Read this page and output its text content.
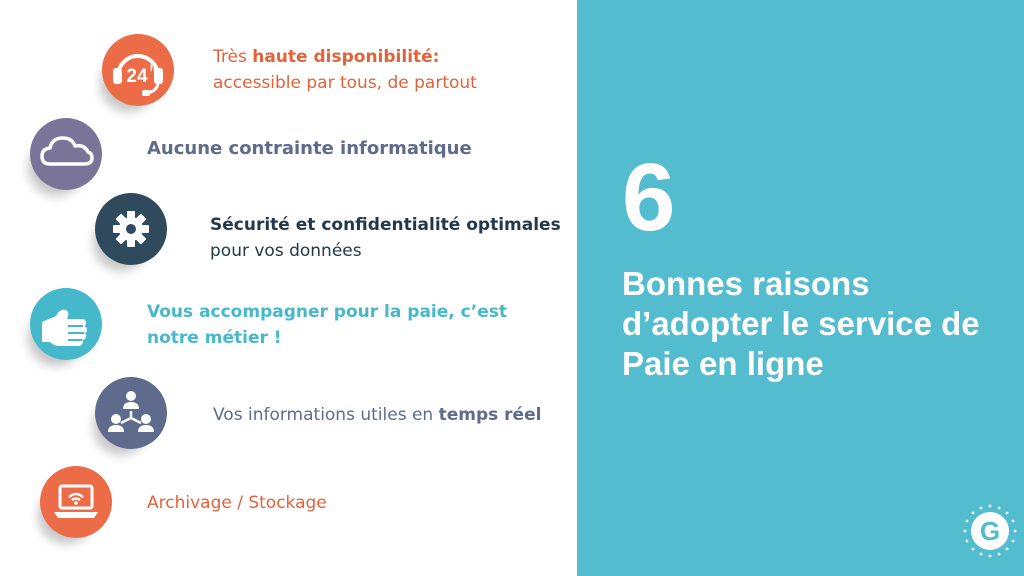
24 h
Très haute disponibilité:
accessible par tous, de partout
Aucune contrainte informatique
Sécurité et confidentialité optimales
pour vos données
Vous accompagner pour la paie, c’est
notre métier !
Vos informations utiles en temps réel
Archivage / Stockage
6
Bonnes raisons
d’adopter le service de
Paie en ligne
G
